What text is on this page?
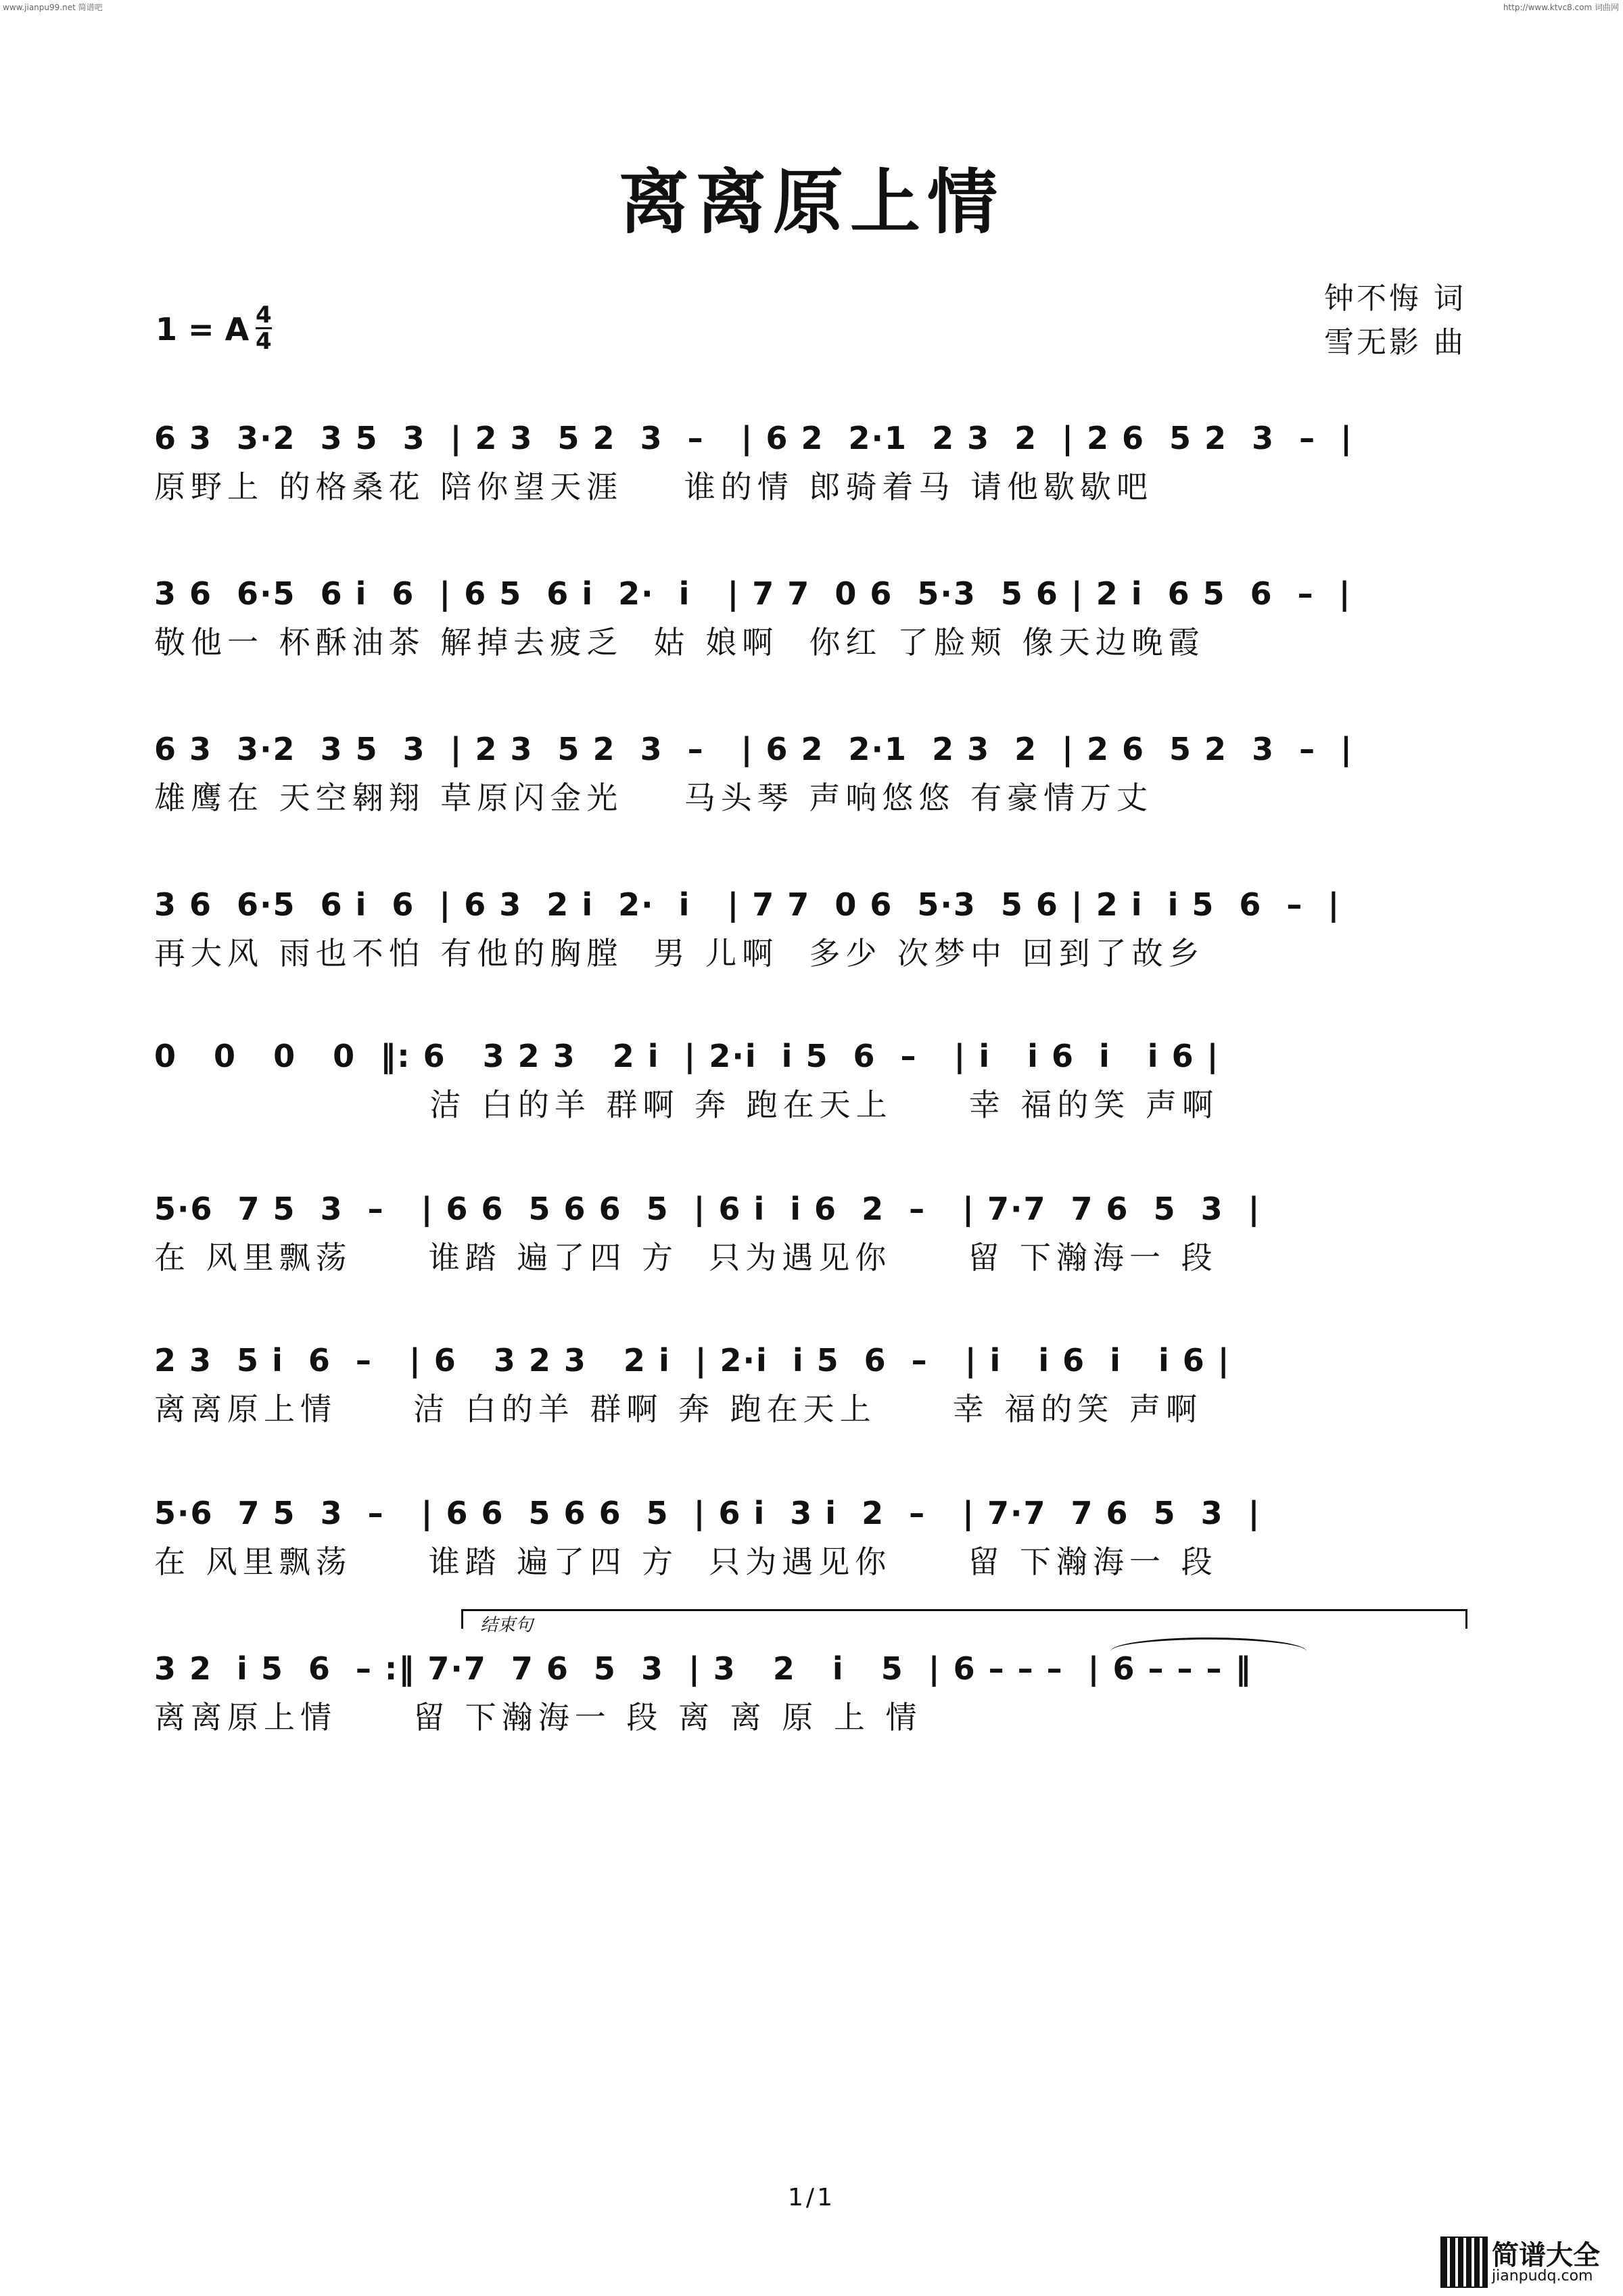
www.jianpu99.net 简谱吧	http://www.ktvc8.com 词曲网
离离原上情
钟不悔 词
雪无影 曲
1 = A $\frac{4}{4}$
6 3  3·2  3 5  3  | 2 3  5 2  3  –   | 6 2  2·1  2 3  2  | 2 6  5 2  3  –  |
原野上 的格桑花 陪你望天涯    谁的情 郎骑着马 请他歇歇吧
3 6  6·5  6 i  6  | 6 5  6 i  2·  i   | 7 7  0 6  5·3  5 6 | 2 i  6 5  6  –  |
敬他一 杯酥油茶 解掉去疲乏  姑 娘啊  你红 了脸颊 像天边晚霞
6 3  3·2  3 5  3  | 2 3  5 2  3  –   | 6 2  2·1  2 3  2  | 2 6  5 2  3  –  |
雄鹰在 天空翱翔 草原闪金光    马头琴 声响悠悠 有豪情万丈
3 6  6·5  6 i  6  | 6 3  2 i  2·  i   | 7 7  0 6  5·3  5 6 | 2 i  i 5  6  –  |
再大风 雨也不怕 有他的胸膛  男 儿啊  多少 次梦中 回到了故乡
0   0   0   0  ‖: 6   3 2 3   2 i  | 2·i  i 5  6  –   | i   i 6  i   i 6 |
洁 白的羊 群啊 奔 跑在天上     幸 福的笑 声啊
5·6  7 5  3  –   | 6 6  5 6 6  5  | 6 i  i 6  2  –   | 7·7  7 6  5  3  |
在 风里飘荡     谁踏 遍了四 方  只为遇见你     留 下瀚海一 段
2 3  5 i  6  –   | 6   3 2 3   2 i  | 2·i  i 5  6  –   | i   i 6  i   i 6 |
离离原上情     洁 白的羊 群啊 奔 跑在天上     幸 福的笑 声啊
5·6  7 5  3  –   | 6 6  5 6 6  5  | 6 i  3 i  2  –   | 7·7  7 6  5  3  |
在 风里飘荡     谁踏 遍了四 方  只为遇见你     留 下瀚海一 段
结束句
3 2  i 5  6  – :‖ 7·7  7 6  5  3  | 3   2   i   5  | 6 – – –  | 6 – – – ‖
离离原上情     留 下瀚海一 段 离 离 原 上 情
1/1
简谱大全
jianpudq.com
